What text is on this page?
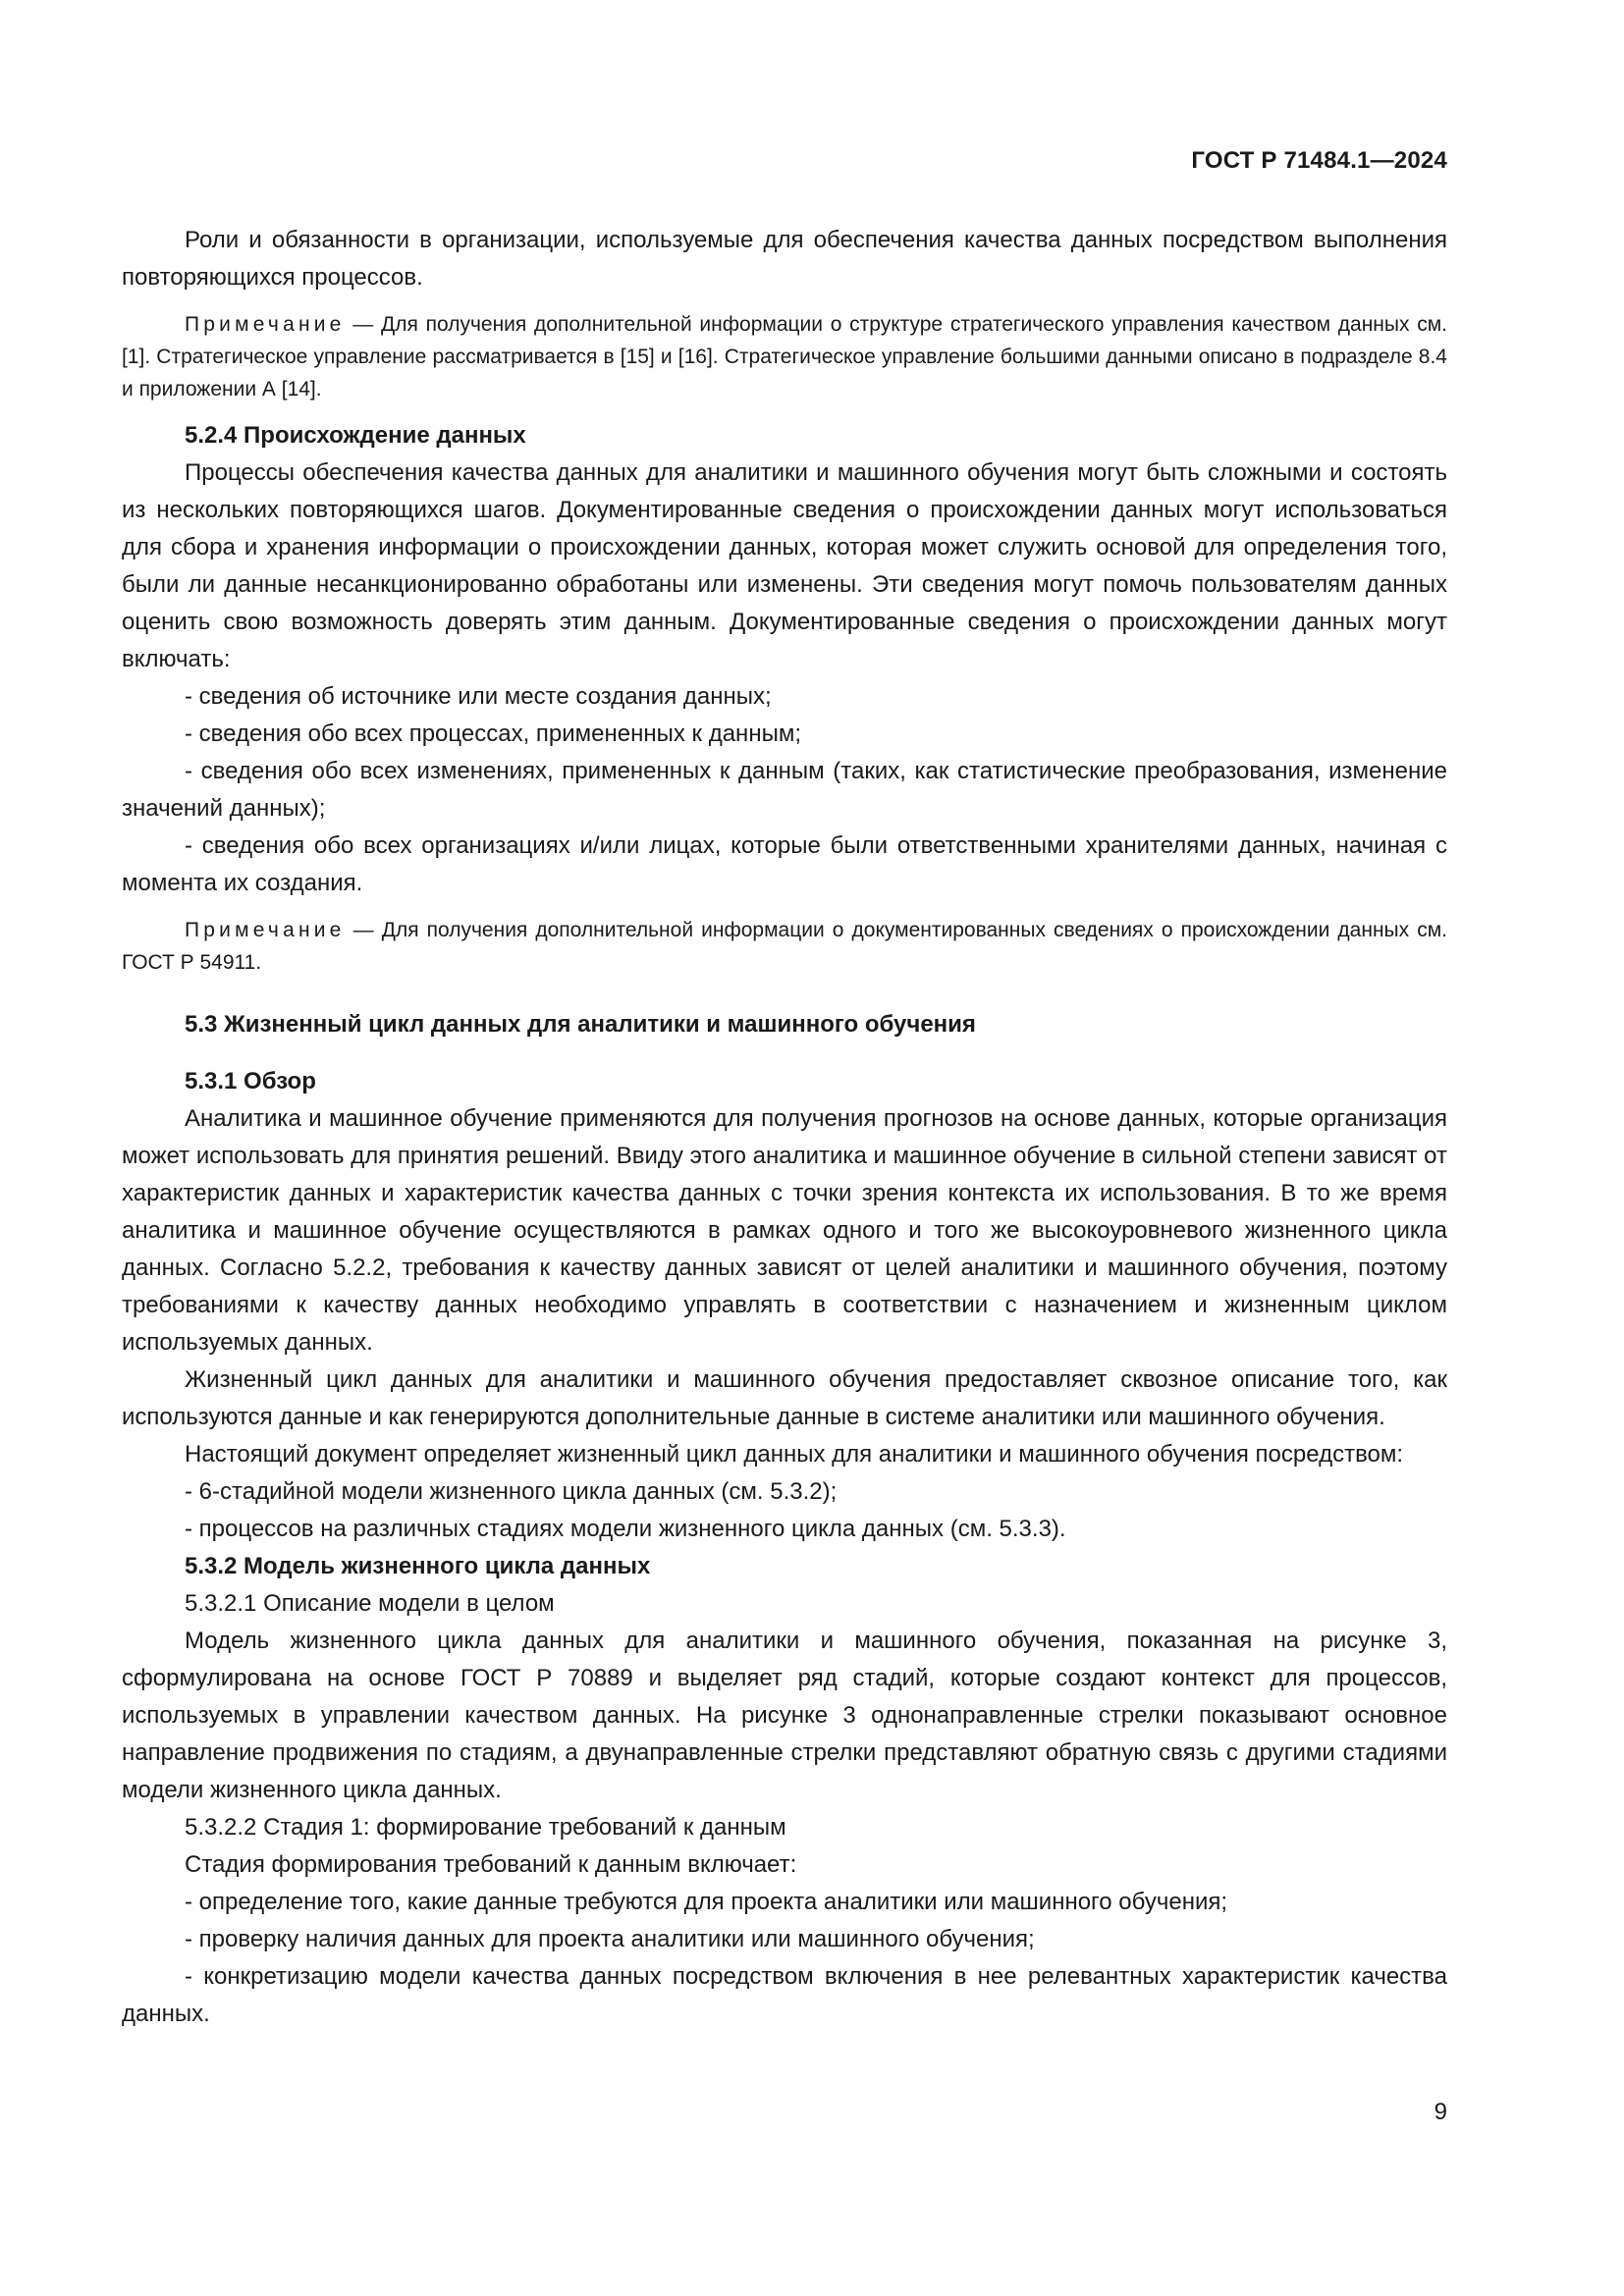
ГОСТ Р 71484.1—2024

Роли и обязанности в организации, используемые для обеспечения качества данных посредством выполнения повторяющихся процессов.

Примечание — Для получения дополнительной информации о структуре стратегического управления качеством данных см. [1]. Стратегическое управление рассматривается в [15] и [16]. Стратегическое управление большими данными описано в подразделе 8.4 и приложении А [14].

5.2.4 Происхождение данных

Процессы обеспечения качества данных для аналитики и машинного обучения могут быть сложными и состоять из нескольких повторяющихся шагов. Документированные сведения о происхождении данных могут использоваться для сбора и хранения информации о происхождении данных, которая может служить основой для определения того, были ли данные несанкционированно обработаны или изменены. Эти сведения могут помочь пользователям данных оценить свою возможность доверять этим данным. Документированные сведения о происхождении данных могут включать:

- сведения об источнике или месте создания данных;

- сведения обо всех процессах, примененных к данным;

- сведения обо всех изменениях, примененных к данным (таких, как статистические преобразования, изменение значений данных);

- сведения обо всех организациях и/или лицах, которые были ответственными хранителями данных, начиная с момента их создания.

Примечание — Для получения дополнительной информации о документированных сведениях о происхождении данных см. ГОСТ Р 54911.

5.3 Жизненный цикл данных для аналитики и машинного обучения

5.3.1 Обзор

Аналитика и машинное обучение применяются для получения прогнозов на основе данных, которые организация может использовать для принятия решений. Ввиду этого аналитика и машинное обучение в сильной степени зависят от характеристик данных и характеристик качества данных с точки зрения контекста их использования. В то же время аналитика и машинное обучение осуществляются в рамках одного и того же высокоуровневого жизненного цикла данных. Согласно 5.2.2, требования к качеству данных зависят от целей аналитики и машинного обучения, поэтому требованиями к качеству данных необходимо управлять в соответствии с назначением и жизненным циклом используемых данных.

Жизненный цикл данных для аналитики и машинного обучения предоставляет сквозное описание того, как используются данные и как генерируются дополнительные данные в системе аналитики или машинного обучения.

Настоящий документ определяет жизненный цикл данных для аналитики и машинного обучения посредством:

- 6-стадийной модели жизненного цикла данных (см. 5.3.2);

- процессов на различных стадиях модели жизненного цикла данных (см. 5.3.3).

5.3.2 Модель жизненного цикла данных

5.3.2.1 Описание модели в целом

Модель жизненного цикла данных для аналитики и машинного обучения, показанная на рисунке 3, сформулирована на основе ГОСТ Р 70889 и выделяет ряд стадий, которые создают контекст для процессов, используемых в управлении качеством данных. На рисунке 3 однонаправленные стрелки показывают основное направление продвижения по стадиям, а двунаправленные стрелки представляют обратную связь с другими стадиями модели жизненного цикла данных.

5.3.2.2 Стадия 1: формирование требований к данным

Стадия формирования требований к данным включает:

- определение того, какие данные требуются для проекта аналитики или машинного обучения;

- проверку наличия данных для проекта аналитики или машинного обучения;

- конкретизацию модели качества данных посредством включения в нее релевантных характеристик качества данных.

9
